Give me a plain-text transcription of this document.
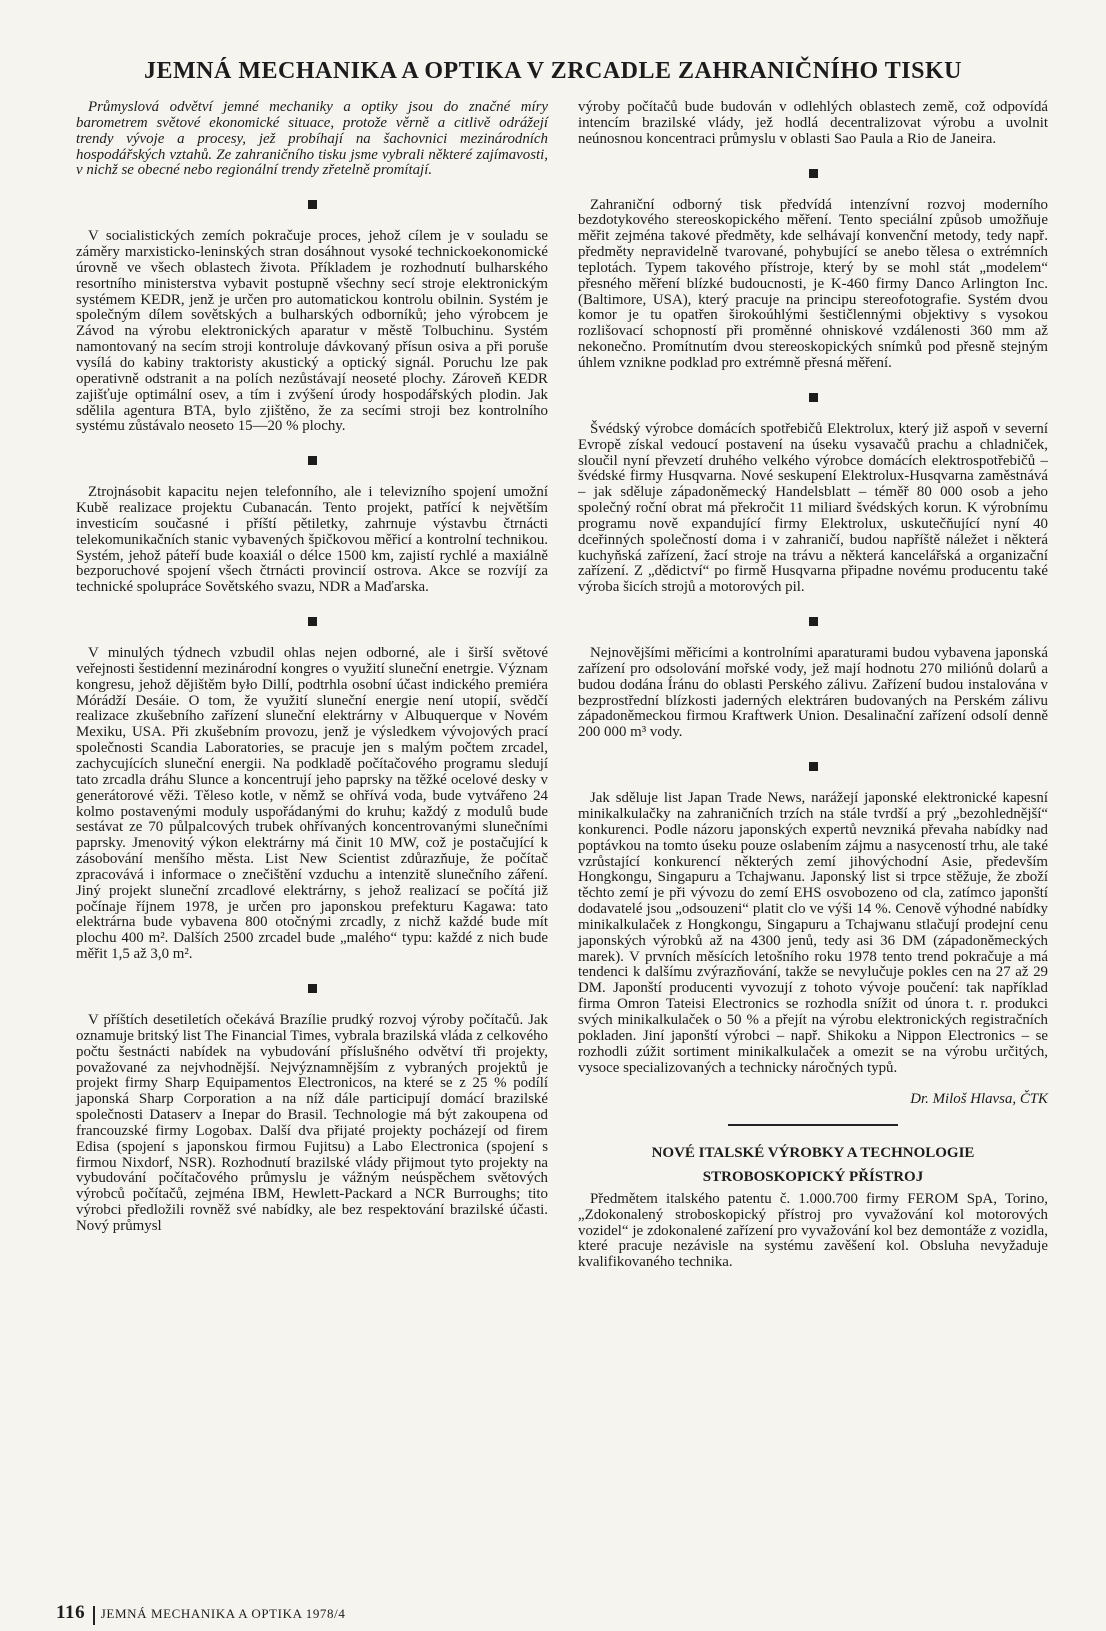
JEMNÁ MECHANIKA A OPTIKA V ZRCADLE ZAHRANIČNÍHO TISKU

Průmyslová odvětví jemné mechaniky a optiky jsou do značné míry barometrem světové ekonomické situace, protože věrně a citlivě odrážejí trendy vývoje a procesy, jež probíhají na šachovnici mezinárodních hospodářských vztahů. Ze zahraničního tisku jsme vybrali některé zajímavosti, v nichž se obecné nebo regionální trendy zřetelně promítají.

V socialistických zemích pokračuje proces, jehož cílem je v souladu se záměry marxisticko-leninských stran dosáhnout vysoké technickoekonomické úrovně ve všech oblastech života. Příkladem je rozhodnutí bulharského resortního ministerstva vybavit postupně všechny secí stroje elektronickým systémem KEDR, jenž je určen pro automatickou kontrolu obilnin. Systém je společným dílem sovětských a bulharských odborníků; jeho výrobcem je Závod na výrobu elektronických aparatur v městě Tolbuchinu. Systém namontovaný na secím stroji kontroluje dávkovaný přísun osiva a při poruše vysílá do kabiny traktoristy akustický a optický signál. Poruchu lze pak operativně odstranit a na polích nezůstávají neoseté plochy. Zároveň KEDR zajišťuje optimální osev, a tím i zvýšení úrody hospodářských plodin. Jak sdělila agentura BTA, bylo zjištěno, že za secími stroji bez kontrolního systému zůstávalo neoseto 15—20 % plochy.

Ztrojnásobit kapacitu nejen telefonního, ale i televizního spojení umožní Kubě realizace projektu Cubanacán. Tento projekt, patřící k největším investicím současné i příští pětiletky, zahrnuje výstavbu čtrnácti telekomunikačních stanic vybavených špičkovou měřicí a kontrolní technikou. Systém, jehož páteří bude koaxiál o délce 1500 km, zajistí rychlé a maxiálně bezporuchové spojení všech čtrnácti provincií ostrova. Akce se rozvíjí za technické spolupráce Sovětského svazu, NDR a Maďarska.

V minulých týdnech vzbudil ohlas nejen odborné, ale i širší světové veřejnosti šestidenní mezinárodní kongres o využití sluneční enetrgie. Význam kongresu, jehož dějištěm było Dillí, podtrhla osobní účast indického premiéra Mórádží Desáie. O tom, že využití sluneční energie není utopií, svědčí realizace zkušebního zařízení sluneční elektrárny v Albuquerque v Novém Mexiku, USA. Při zkušebním provozu, jenž je výsledkem vývojových prací společnosti Scandia Laboratories, se pracuje jen s malým počtem zrcadel, zachycujících sluneční energii. Na podkladě počítačového programu sledují tato zrcadla dráhu Slunce a koncentrují jeho paprsky na těžké ocelové desky v generátorové věži. Těleso kotle, v němž se ohřívá voda, bude vytvářeno 24 kolmo postavenými moduly uspořádanými do kruhu; každý z modulů bude sestávat ze 70 půlpalcových trubek ohřívaných koncentrovanými slunečními paprsky. Jmenovitý výkon elektrárny má činit 10 MW, což je postačující k zásobování menšího města. List New Scientist zdůrazňuje, že počítač zpracovává i informace o znečištění vzduchu a intenzitě slunečního záření. Jiný projekt sluneční zrcadlové elektrárny, s jehož realizací se počítá již počínaje říjnem 1978, je určen pro japonskou prefekturu Kagawa: tato elektrárna bude vybavena 800 otočnými zrcadly, z nichž každé bude mít plochu 400 m². Dalších 2500 zrcadel bude „malého“ typu: každé z nich bude měřit 1,5 až 3,0 m².

V příštích desetiletích očekává Brazílie prudký rozvoj výroby počítačů. Jak oznamuje britský list The Financial Times, vybrala brazilská vláda z celkového počtu šestnácti nabídek na vybudování příslušného odvětví tři projekty, považované za nejvhodnější. Nejvýznamnějším z vybraných projektů je projekt firmy Sharp Equipamentos Electronicos, na které se z 25 % podílí japonská Sharp Corporation a na níž dále participují domácí brazilské společnosti Dataserv a Inepar do Brasil. Technologie má být zakoupena od francouzské firmy Logobax. Další dva přijaté projekty pocházejí od firem Edisa (spojení s japonskou firmou Fujitsu) a Labo Electronica (spojení s firmou Nixdorf, NSR). Rozhodnutí brazilské vlády přijmout tyto projekty na vybudování počítačového průmyslu je vážným neúspěchem světových výrobců počítačů, zejména IBM, Hewlett-Packard a NCR Burroughs; tito výrobci předložili rovněž své nabídky, ale bez respektování brazilské účasti. Nový průmysl

výroby počítačů bude budován v odlehlých oblastech země, což odpovídá intencím brazilské vlády, jež hodlá decentralizovat výrobu a uvolnit neúnosnou koncentraci průmyslu v oblasti Sao Paula a Rio de Janeira.

Zahraniční odborný tisk předvídá intenzívní rozvoj moderního bezdotykového stereoskopického měření. Tento speciální způsob umožňuje měřit zejména takové předměty, kde selhávají konvenční metody, tedy např. předměty nepravidelně tvarované, pohybující se anebo tělesa o extrémních teplotách. Typem takového přístroje, který by se mohl stát „modelem“ přesného měření blízké budoucnosti, je K-460 firmy Danco Arlington Inc. (Baltimore, USA), který pracuje na principu stereofotografie. Systém dvou komor je tu opatřen širokoúhlými šestičlennými objektivy s vysokou rozlišovací schopností při proměnné ohniskové vzdálenosti 360 mm až nekonečno. Promítnutím dvou stereoskopických snímků pod přesně stejným úhlem vznikne podklad pro extrémně přesná měření.

Švédský výrobce domácích spotřebičů Elektrolux, který již aspoň v severní Evropě získal vedoucí postavení na úseku vysavačů prachu a chladniček, sloučil nyní převzetí druhého velkého výrobce domácích elektrospotřebičů – švédské firmy Husqvarna. Nové seskupení Elektrolux-Husqvarna zaměstnává – jak sděluje západoněmecký Handelsblatt – téměř 80 000 osob a jeho společný roční obrat má překročit 11 miliard švédských korun. K výrobnímu programu nově expandující firmy Elektrolux, uskutečňující nyní 40 dceřinných společností doma i v zahraničí, budou napříště náležet i některá kuchyňská zařízení, žací stroje na trávu a některá kancelářská a organizační zařízení. Z „dědictví“ po firmě Husqvarna připadne novému producentu také výroba šicích strojů a motorových pil.

Nejnovějšími měřicími a kontrolními aparaturami budou vybavena japonská zařízení pro odsolování mořské vody, jež mají hodnotu 270 miliónů dolarů a budou dodána Íránu do oblasti Perského zálivu. Zařízení budou instalována v bezprostřední blízkosti jaderných elektráren budovaných na Perském zálivu západoněmeckou firmou Kraftwerk Union. Desalinační zařízení odsolí denně 200 000 m³ vody.

Jak sděluje list Japan Trade News, narážejí japonské elektronické kapesní minikalkulačky na zahraničních trzích na stále tvrdší a prý „bezohlednější“ konkurenci. Podle názoru japonských expertů nevzniká převaha nabídky nad poptávkou na tomto úseku pouze oslabením zájmu a nasyceností trhu, ale také vzrůstající konkurencí některých zemí jihovýchodní Asie, především Hongkongu, Singapuru a Tchajwanu. Japonský list si trpce stěžuje, že zboží těchto zemí je při vývozu do zemí EHS osvobozeno od cla, zatímco japonští dodavatelé jsou „odsouzeni“ platit clo ve výši 14 %. Cenově výhodné nabídky minikalkulaček z Hongkongu, Singapuru a Tchajwanu stlačují prodejní cenu japonských výrobků až na 4300 jenů, tedy asi 36 DM (západoněmeckých marek). V prvních měsících letošního roku 1978 tento trend pokračuje a má tendenci k dalšímu zvýrazňování, takže se nevylučuje pokles cen na 27 až 29 DM. Japonští producenti vyvozují z tohoto vývoje poučení: tak například firma Omron Tateisi Electronics se rozhodla snížit od února t. r. produkci svých minikalkulaček o 50 % a přejít na výrobu elektronických registračních pokladen. Jiní japonští výrobci – např. Shikoku a Nippon Electronics – se rozhodli zúžit sortiment minikalkulaček a omezit se na výrobu určitých, vysoce specializovaných a technicky náročných typů.

Dr. Miloš Hlavsa, ČTK
NOVÉ ITALSKÉ VÝROBKY A TECHNOLOGIE
STROBOSKOPICKÝ PŘÍSTROJ

Předmětem italského patentu č. 1.000.700 firmy FEROM SpA, Torino, „Zdokonalený stroboskopický přístroj pro vyvažování kol motorových vozidel“ je zdokonalené zařízení pro vyvažování kol bez demontáže z vozidla, které pracuje nezávisle na systému zavěšení kol. Obsluha nevyžaduje kvalifikovaného technika.

116 JEMNÁ MECHANIKA A OPTIKA 1978/4
